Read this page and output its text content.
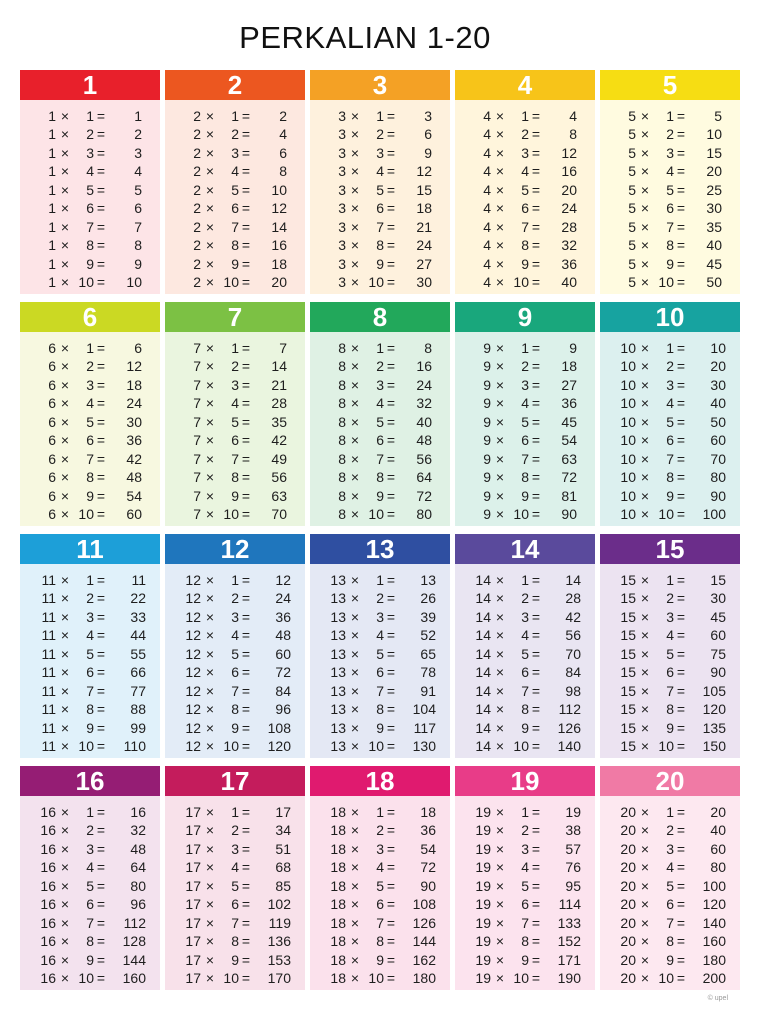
PERKALIAN 1-20
1
1 ×	1 =	1
1 ×	2 =	2
1 ×	3 =	3
1 ×	4 =	4
1 ×	5 =	5
1 ×	6 =	6
1 ×	7 =	7
1 ×	8 =	8
1 ×	9 =	9
1 × 10 =	10
2
2 ×	1 =	2
2 ×	2 =	4
2 ×	3 =	6
2 ×	4 =	8
2 ×	5 =	10
2 ×	6 =	12
2 ×	7 =	14
2 ×	8 =	16
2 ×	9 =	18
2 × 10 =	20
3
3 ×	1 =	3
3 ×	2 =	6
3 ×	3 =	9
3 ×	4 =	12
3 ×	5 =	15
3 ×	6 =	18
3 ×	7 =	21
3 ×	8 =	24
3 ×	9 =	27
3 × 10 =	30
4
4 ×	1 =	4
4 ×	2 =	8
4 ×	3 =	12
4 ×	4 =	16
4 ×	5 =	20
4 ×	6 =	24
4 ×	7 =	28
4 ×	8 =	32
4 ×	9 =	36
4 × 10 =	40
5
5 ×	1 =	5
5 ×	2 =	10
5 ×	3 =	15
5 ×	4 =	20
5 ×	5 =	25
5 ×	6 =	30
5 ×	7 =	35
5 ×	8 =	40
5 ×	9 =	45
5 × 10 =	50
6
6 ×	1 =	6
6 ×	2 =	12
6 ×	3 =	18
6 ×	4 =	24
6 ×	5 =	30
6 ×	6 =	36
6 ×	7 =	42
6 ×	8 =	48
6 ×	9 =	54
6 × 10 =	60
7
7 ×	1 =	7
7 ×	2 =	14
7 ×	3 =	21
7 ×	4 =	28
7 ×	5 =	35
7 ×	6 =	42
7 ×	7 =	49
7 ×	8 =	56
7 ×	9 =	63
7 × 10 =	70
8
8 ×	1 =	8
8 ×	2 =	16
8 ×	3 =	24
8 ×	4 =	32
8 ×	5 =	40
8 ×	6 =	48
8 ×	7 =	56
8 ×	8 =	64
8 ×	9 =	72
8 × 10 =	80
9
9 ×	1 =	9
9 ×	2 =	18
9 ×	3 =	27
9 ×	4 =	36
9 ×	5 =	45
9 ×	6 =	54
9 ×	7 =	63
9 ×	8 =	72
9 ×	9 =	81
9 × 10 =	90
10
10 ×	1 =	10
10 ×	2 =	20
10 ×	3 =	30
10 ×	4 =	40
10 ×	5 =	50
10 ×	6 =	60
10 ×	7 =	70
10 ×	8 =	80
10 ×	9 =	90
10 × 10 =	100
11
11 ×	1 =	11
11 ×	2 =	22
11 ×	3 =	33
11 ×	4 =	44
11 ×	5 =	55
11 ×	6 =	66
11 ×	7 =	77
11 ×	8 =	88
11 ×	9 =	99
11 × 10 =	110
12
12 ×	1 =	12
12 ×	2 =	24
12 ×	3 =	36
12 ×	4 =	48
12 ×	5 =	60
12 ×	6 =	72
12 ×	7 =	84
12 ×	8 =	96
12 ×	9 =	108
12 × 10 =	120
13
13 ×	1 =	13
13 ×	2 =	26
13 ×	3 =	39
13 ×	4 =	52
13 ×	5 =	65
13 ×	6 =	78
13 ×	7 =	91
13 ×	8 =	104
13 ×	9 =	117
13 × 10 =	130
14
14 ×	1 =	14
14 ×	2 =	28
14 ×	3 =	42
14 ×	4 =	56
14 ×	5 =	70
14 ×	6 =	84
14 ×	7 =	98
14 ×	8 =	112
14 ×	9 =	126
14 × 10 =	140
15
15 ×	1 =	15
15 ×	2 =	30
15 ×	3 =	45
15 ×	4 =	60
15 ×	5 =	75
15 ×	6 =	90
15 ×	7 =	105
15 ×	8 =	120
15 ×	9 =	135
15 × 10 =	150
16
16 ×	1 =	16
16 ×	2 =	32
16 ×	3 =	48
16 ×	4 =	64
16 ×	5 =	80
16 ×	6 =	96
16 ×	7 =	112
16 ×	8 =	128
16 ×	9 =	144
16 × 10 =	160
17
17 ×	1 =	17
17 ×	2 =	34
17 ×	3 =	51
17 ×	4 =	68
17 ×	5 =	85
17 ×	6 =	102
17 ×	7 =	119
17 ×	8 =	136
17 ×	9 =	153
17 × 10 =	170
18
18 ×	1 =	18
18 ×	2 =	36
18 ×	3 =	54
18 ×	4 =	72
18 ×	5 =	90
18 ×	6 =	108
18 ×	7 =	126
18 ×	8 =	144
18 ×	9 =	162
18 × 10 =	180
19
19 ×	1 =	19
19 ×	2 =	38
19 ×	3 =	57
19 ×	4 =	76
19 ×	5 =	95
19 ×	6 =	114
19 ×	7 =	133
19 ×	8 =	152
19 ×	9 =	171
19 × 10 =	190
20
20 ×	1 =	20
20 ×	2 =	40
20 ×	3 =	60
20 ×	4 =	80
20 ×	5 =	100
20 ×	6 =	120
20 ×	7 =	140
20 ×	8 =	160
20 ×	9 =	180
20 × 10 =	200
© upel
